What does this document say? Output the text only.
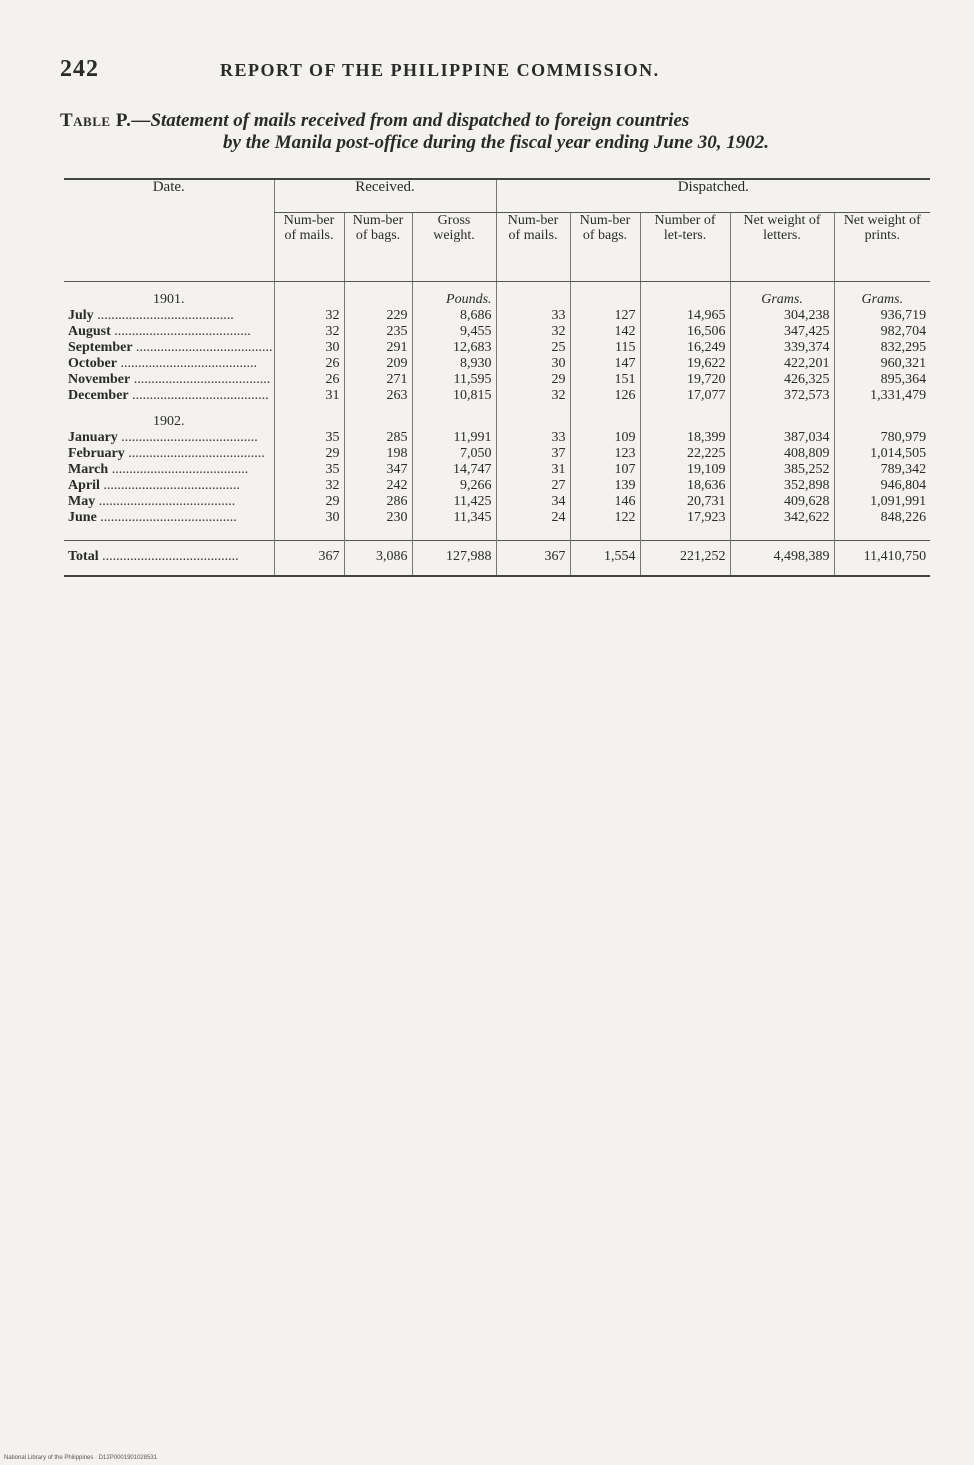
242	REPORT OF THE PHILIPPINE COMMISSION.
Table P.—Statement of mails received from and dispatched to foreign countries
by the Manila post-office during the fiscal year ending June 30, 1902.
Date.	Received.			Dispatched.				
	Num-ber of mails.	Num-ber of bags.	Gross weight.	Num-ber of mails.	Num-ber of bags.	Number of let-ters.	Net weight of letters.	Net weight of prints.
1901.			Pounds.				Grams.	Grams.
July .....	32	229	8,686	33	127	14,965	304,238	936,719
August .....	32	235	9,455	32	142	16,506	347,425	982,704
September .....	30	291	12,683	25	115	16,249	339,374	832,295
October .....	26	209	8,930	30	147	19,622	422,201	960,321
November .....	26	271	11,595	29	151	19,720	426,325	895,364
December .....	31	263	10,815	32	126	17,077	372,573	1,331,479
1902.								
January .....	35	285	11,991	33	109	18,399	387,034	780,979
February .....	29	198	7,050	37	123	22,225	408,809	1,014,505
March .....	35	347	14,747	31	107	19,109	385,252	789,342
April .....	32	242	9,266	27	139	18,636	352,898	946,804
May .....	29	286	11,425	34	146	20,731	409,628	1,091,991
June .....	30	230	11,345	24	122	17,923	342,622	848,226

Total .....	367	3,086	127,988	367	1,554	221,252	4,498,389	11,410,750
National Library of the Philippines · D12P0001901028531
